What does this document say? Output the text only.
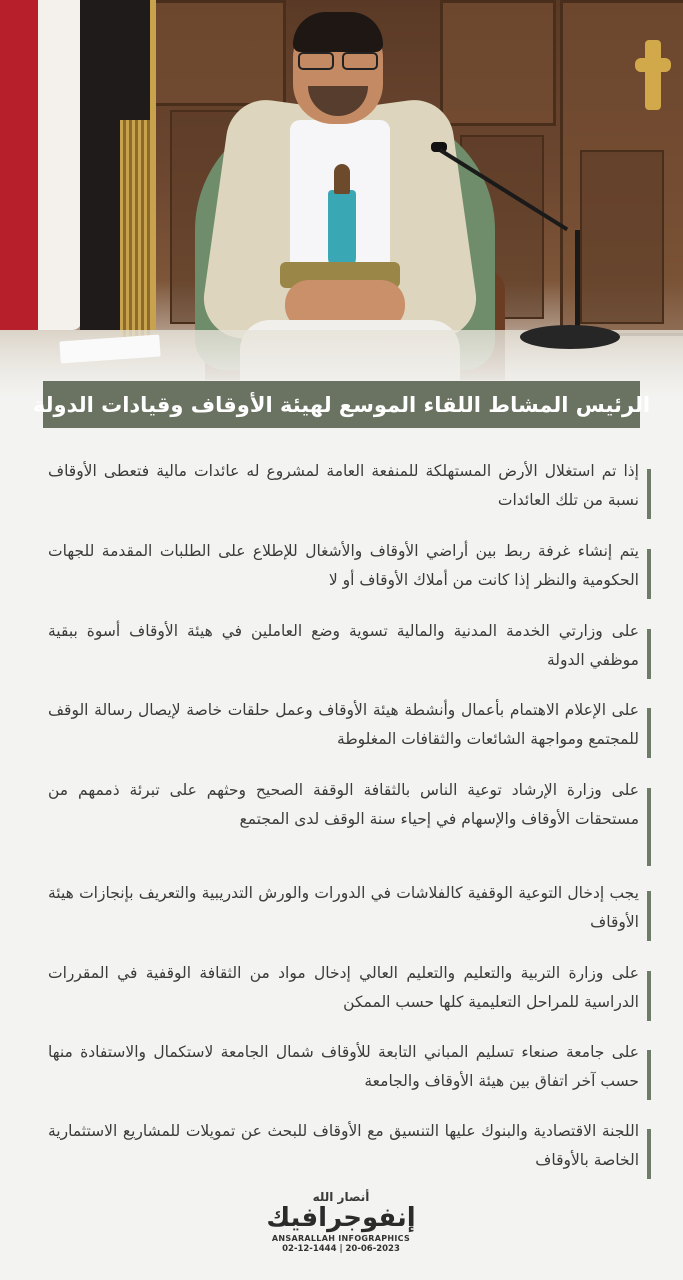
الرئيس المشاط اللقاء الموسع لهيئة الأوقاف وقيادات الدولة

إذا تم استغلال الأرض المستهلكة للمنفعة العامة لمشروع له عائدات مالية فتعطى الأوقاف نسبة من تلك العائدات

يتم إنشاء غرفة ربط بين أراضي الأوقاف والأشغال للإطلاع على الطلبات المقدمة للجهات الحكومية والنظر إذا كانت من أملاك الأوقاف أو لا

على وزارتي الخدمة المدنية والمالية تسوية وضع العاملين في هيئة الأوقاف أسوة ببقية موظفي الدولة

على الإعلام الاهتمام بأعمال وأنشطة هيئة الأوقاف وعمل حلقات خاصة لإيصال رسالة الوقف للمجتمع ومواجهة الشائعات والثقافات المغلوطة

على وزارة الإرشاد توعية الناس بالثقافة الوقفة الصحيح وحثهم على تبرئة ذممهم من مستحقات الأوقاف والإسهام في إحياء سنة الوقف لدى المجتمع

يجب إدخال التوعية الوقفية كالفلاشات في الدورات والورش التدريبية والتعريف بإنجازات هيئة الأوقاف

على وزارة التربية والتعليم والتعليم العالي إدخال مواد من الثقافة الوقفية في المقررات الدراسية للمراحل التعليمية كلها حسب الممكن

على جامعة صنعاء تسليم المباني التابعة للأوقاف شمال الجامعة لاستكمال والاستفادة منها حسب آخر اتفاق بين هيئة الأوقاف والجامعة

اللجنة الاقتصادية والبنوك عليها التنسيق مع الأوقاف للبحث عن تمويلات للمشاريع الاستثمارية الخاصة بالأوقاف

أنصار الله
إنفوجرافيك
ANSARALLAH INFOGRAPHICS
02-12-1444 | 20-06-2023
